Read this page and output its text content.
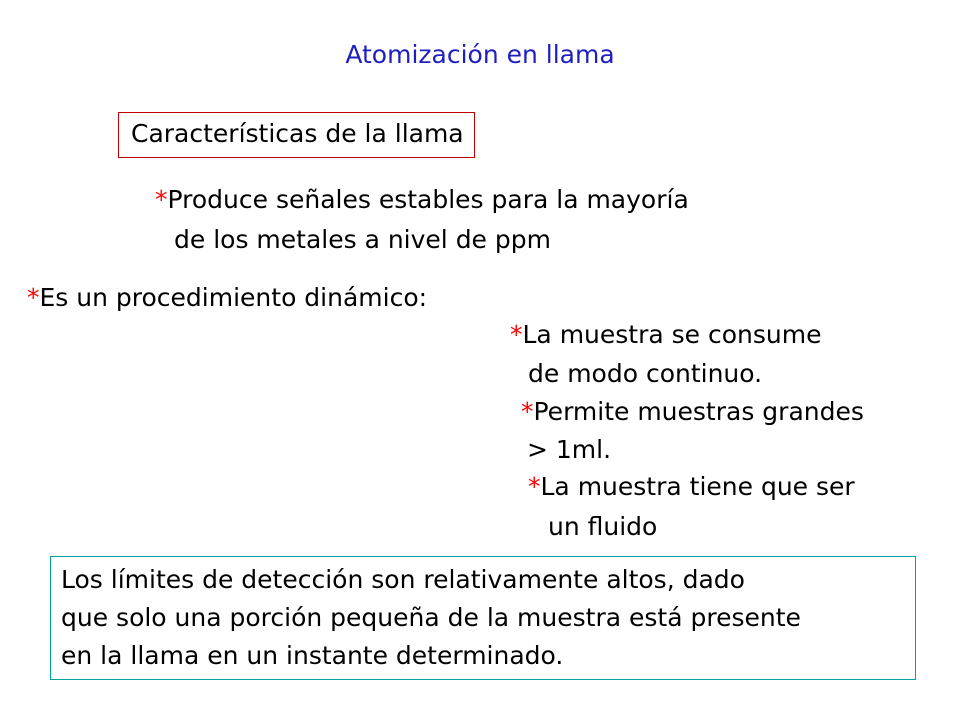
Atomización en llama
Características de la llama
*Produce señales estables para la mayoría
de los metales a nivel de ppm
*Es un procedimiento dinámico:
*La muestra se consume
de modo continuo.
*Permite muestras grandes
> 1ml.
*La muestra tiene que ser
un fluido
Los límites de detección son relativamente altos, dado
que solo una porción pequeña de la muestra está presente
en la llama en un instante determinado.
